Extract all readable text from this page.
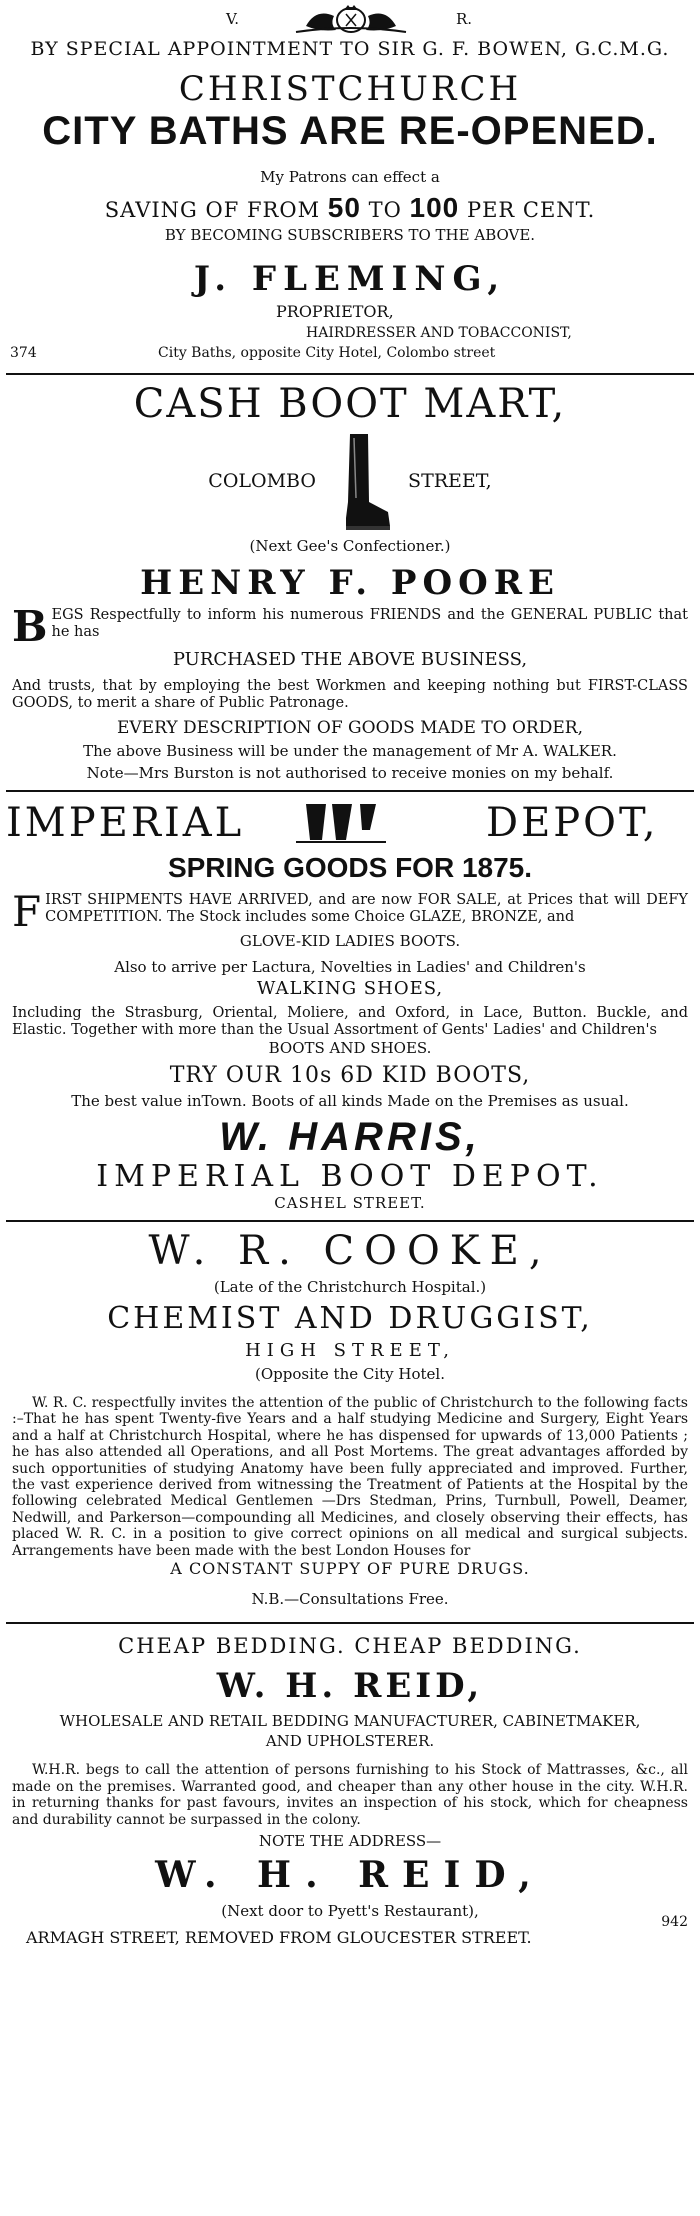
V.	R.
BY SPECIAL APPOINTMENT TO SIR G. F. BOWEN, G.C.M.G.
CHRISTCHURCH
CITY BATHS ARE RE-OPENED.
My Patrons can effect a
SAVING OF FROM 50 TO 100 PER CENT.
BY BECOMING SUBSCRIBERS TO THE ABOVE.
J. FLEMING,
PROPRIETOR,
HAIRDRESSER AND TOBACCONIST,
374	City Baths, opposite City Hotel, Colombo street
CASH BOOT MART,
COLOMBO	STREET,
(Next Gee's Confectioner.)
HENRY F. POORE
B EGS Respectfully to inform his numerous FRIENDS and the GENERAL PUBLIC that he has
PURCHASED THE ABOVE BUSINESS,
And trusts, that by employing the best Workmen and keeping nothing but FIRST-CLASS GOODS, to merit a share of Public Patronage.
EVERY DESCRIPTION OF GOODS MADE TO ORDER,
The above Business will be under the management of Mr A. WALKER.
Note—Mrs Burston is not authorised to receive monies on my behalf.
IMPERIAL	DEPOT,
SPRING GOODS FOR 1875.
F IRST SHIPMENTS HAVE ARRIVED, and are now FOR SALE, at Prices that will DEFY COMPETITION. The Stock includes some Choice GLAZE, BRONZE, and
GLOVE-KID LADIES BOOTS.
Also to arrive per Lactura, Novelties in Ladies' and Children's
WALKING SHOES,
Including the Strasburg, Oriental, Moliere, and Oxford, in Lace, Button. Buckle, and Elastic. Together with more than the Usual Assortment of Gents' Ladies' and Children's
BOOTS AND SHOES.
TRY OUR 10s 6D KID BOOTS,
The best value inTown. Boots of all kinds Made on the Premises as usual.
W. HARRIS,
IMPERIAL BOOT DEPOT.
CASHEL STREET.
W. R. COOKE,
(Late of the Christchurch Hospital.)
CHEMIST AND DRUGGIST,
HIGH STREET,
(Opposite the City Hotel.
W. R. C. respectfully invites the attention of the public of Christchurch to the following facts :–That he has spent Twenty-five Years and a half studying Medicine and Surgery, Eight Years and a half at Christchurch Hospital, where he has dispensed for upwards of 13,000 Patients ; he has also attended all Operations, and all Post Mortems. The great advantages afforded by such opportunities of studying Anatomy have been fully appreciated and improved. Further, the vast experience derived from witnessing the Treatment of Patients at the Hospital by the following celebrated Medical Gentlemen —Drs Stedman, Prins, Turnbull, Powell, Deamer, Nedwill, and Parkerson—compounding all Medicines, and closely observing their effects, has placed W. R. C. in a position to give correct opinions on all medical and surgical subjects. Arrangements have been made with the best London Houses for
A CONSTANT SUPPY OF PURE DRUGS.
N.B.—Consultations Free.
CHEAP BEDDING. CHEAP BEDDING.
W. H. REID,
WHOLESALE AND RETAIL BEDDING MANUFACTURER, CABINETMAKER,
AND UPHOLSTERER.
W.H.R. begs to call the attention of persons furnishing to his Stock of Mattrasses, &c., all made on the premises. Warranted good, and cheaper than any other house in the city. W.H.R. in returning thanks for past favours, invites an inspection of his stock, which for cheapness and durability cannot be surpassed in the colony.
NOTE THE ADDRESS—
W. H. REID,
(Next door to Pyett's Restaurant),
ARMAGH STREET, REMOVED FROM GLOUCESTER STREET.
942
